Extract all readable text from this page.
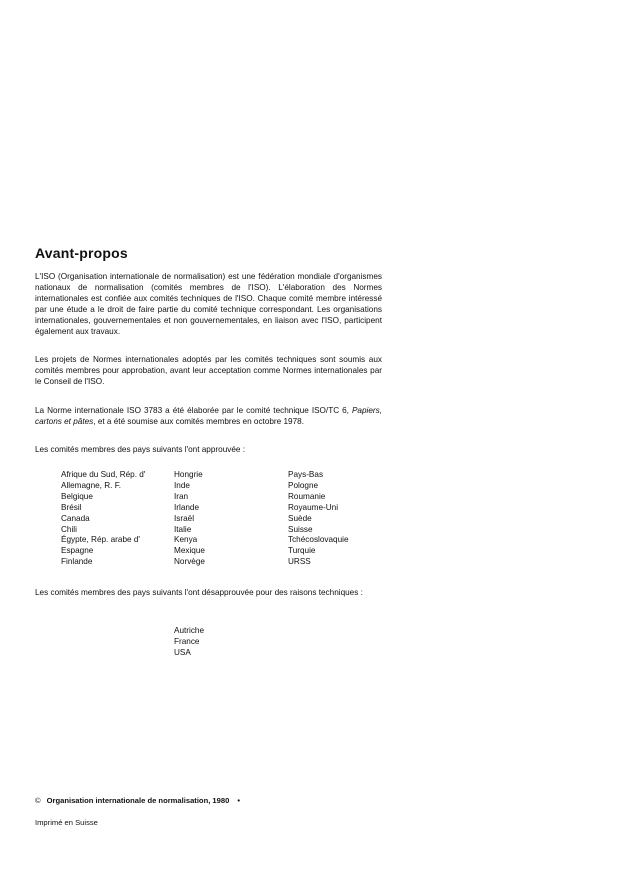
Avant-propos

L'ISO (Organisation internationale de normalisation) est une fédération mondiale d'organismes nationaux de normalisation (comités membres de l'ISO). L'élaboration des Normes internationales est confiée aux comités techniques de l'ISO. Chaque comité membre intéressé par une étude a le droit de faire partie du comité technique correspondant. Les organisations internationales, gouvernementales et non gouvernementales, en liaison avec l'ISO, participent également aux travaux.

Les projets de Normes internationales adoptés par les comités techniques sont soumis aux comités membres pour approbation, avant leur acceptation comme Normes internationales par le Conseil de l'ISO.

La Norme internationale ISO 3783 a été élaborée par le comité technique ISO/TC 6, Papiers, cartons et pâtes, et a été soumise aux comités membres en octobre 1978.

Les comités membres des pays suivants l'ont approuvée :

Afrique du Sud, Rép. d'
Allemagne, R. F.
Belgique
Brésil
Canada
Chili
Égypte, Rép. arabe d'
Espagne
Finlande
Hongrie
Inde
Iran
Irlande
Israël
Italie
Kenya
Mexique
Norvège
Pays-Bas
Pologne
Roumanie
Royaume-Uni
Suède
Suisse
Tchécoslovaquie
Turquie
URSS

Les comités membres des pays suivants l'ont désapprouvée pour des raisons techniques :

Autriche
France
USA

© Organisation internationale de normalisation, 1980 •

Imprimé en Suisse
